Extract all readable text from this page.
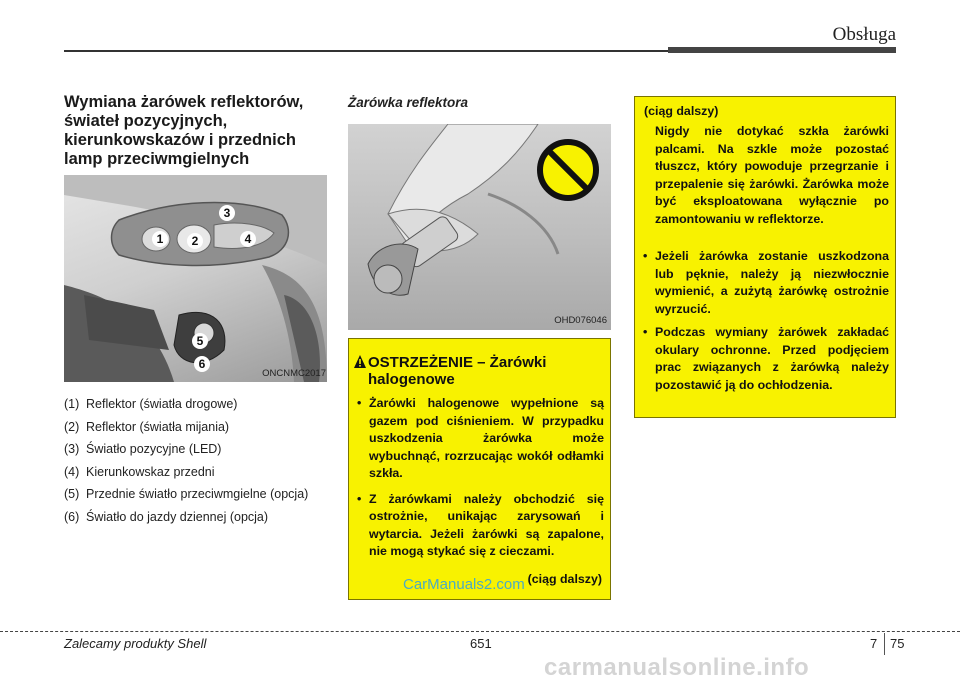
Obsługa
Wymiana żarówek reflektorów, świateł pozycyjnych, kierunkowskazów i przednich lamp przeciwmgielnych
1	2
3
4
5
6
ONCNMC2017
(1) Reflektor (światła drogowe)
(2) Reflektor (światła mijania)
(3) Światło pozycyjne (LED)
(4) Kierunkowskaz przedni
(5) Przednie światło przeciwmgielne (opcja)
(6) Światło do jazdy dziennej (opcja)
Żarówka reflektora
OHD076046
OSTRZEŻENIE – Żarówki
halogenowe
• Żarówki halogenowe wypełnione są gazem pod ciśnieniem. W przypadku uszkodzenia żarówka może wybuchnąć, rozrzucając wokół odłamki szkła.
• Z żarówkami należy obchodzić się ostrożnie, unikając zarysowań i wytarcia. Jeżeli żarówki są zapalone, nie mogą stykać się z cieczami.
(ciąg dalszy)
CarManuals2.com
(ciąg dalszy)
Nigdy nie dotykać szkła żarówki palcami. Na szkle może pozostać tłuszcz, który powoduje przegrzanie i przepalenie się żarówki. Żarówka może być eksploatowana wyłącznie po zamontowaniu w reflektorze.
• Jeżeli żarówka zostanie uszkodzona lub pęknie, należy ją niezwłocznie wymienić, a zużytą żarówkę ostrożnie wyrzucić.
• Podczas wymiany żarówek zakładać okulary ochronne. Przed podjęciem prac związanych z żarówką należy pozostawić ją do ochłodzenia.
Zalecamy produkty Shell	651	7 75
carmanualsonline.info
